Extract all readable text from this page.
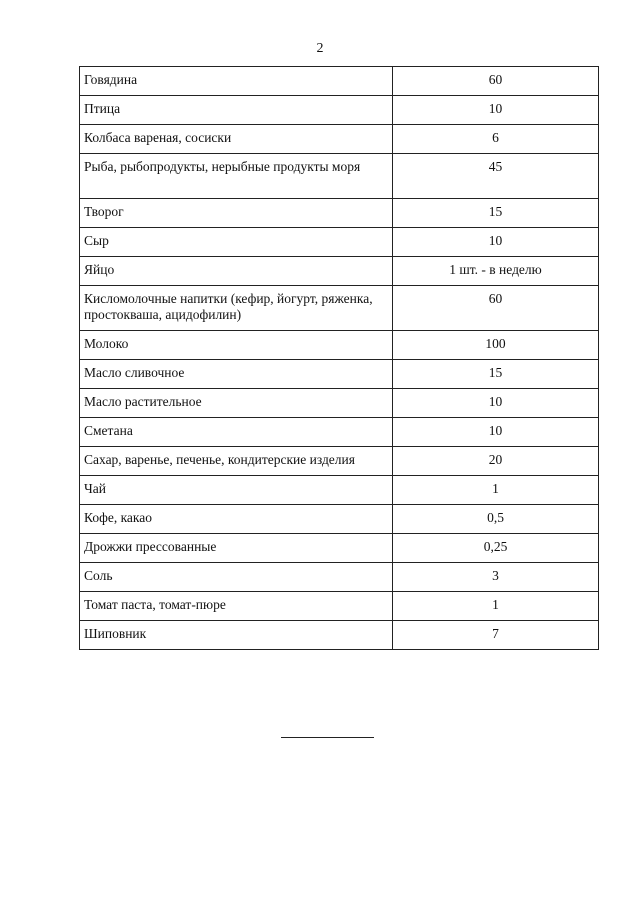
2
Говядина	60
Птица	10
Колбаса вареная, сосиски	6
Рыба, рыбопродукты, нерыбные продукты моря	45
Творог	15
Сыр	10
Яйцо	1 шт. - в неделю
Кисломолочные напитки (кефир, йогурт, ряженка, простокваша, ацидофилин)	60
Молоко	100
Масло сливочное	15
Масло растительное	10
Сметана	10
Сахар, варенье, печенье, кондитерские изделия	20
Чай	1
Кофе, какао	0,5
Дрожжи прессованные	0,25
Соль	3
Томат паста, томат-пюре	1
Шиповник	7
